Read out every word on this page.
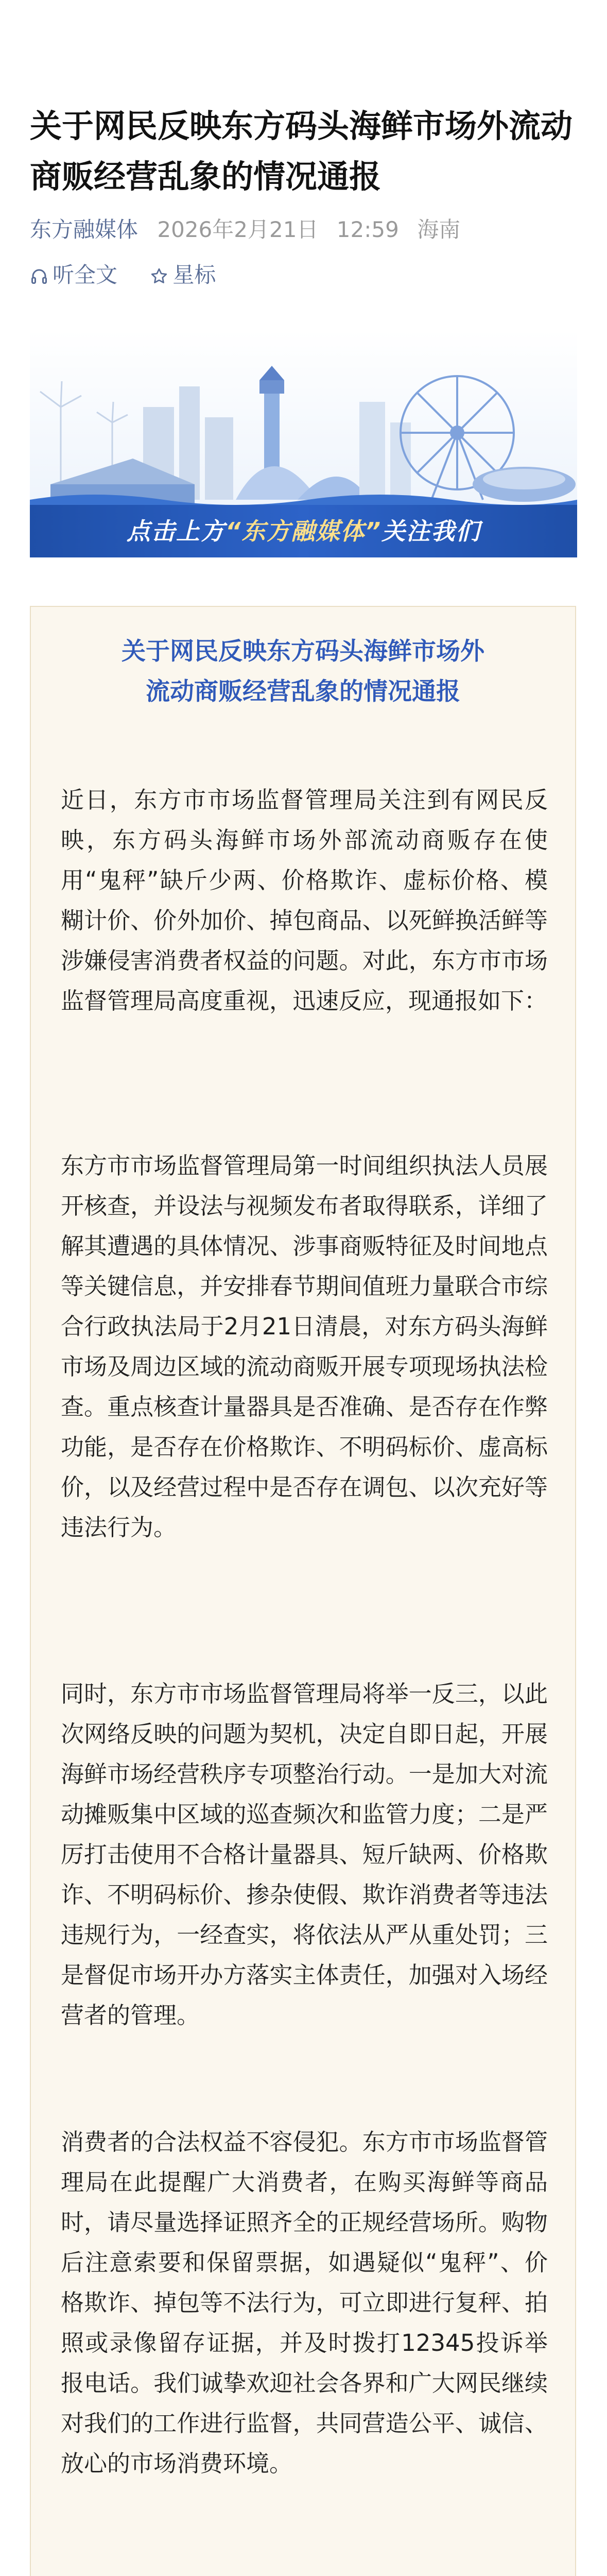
关于网民反映东方码头海鲜市场外流动商贩经营乱象的情况通报
东方融媒体 2026年2月21日 12:59 海南
听全文	星标
点击上方“东方融媒体”关注我们
关于网民反映东方码头海鲜市场外
流动商贩经营乱象的情况通报

近日，东方市市场监督管理局关注到有网民反映，东方码头海鲜市场外部流动商贩存在使用“鬼秤”缺斤少两、价格欺诈、虚标价格、模糊计价、价外加价、掉包商品、以死鲜换活鲜等涉嫌侵害消费者权益的问题。对此，东方市市场监督管理局高度重视，迅速反应，现通报如下：

东方市市场监督管理局第一时间组织执法人员展开核查，并设法与视频发布者取得联系，详细了解其遭遇的具体情况、涉事商贩特征及时间地点等关键信息，并安排春节期间值班力量联合市综合行政执法局于2月21日清晨，对东方码头海鲜市场及周边区域的流动商贩开展专项现场执法检查。重点核查计量器具是否准确、是否存在作弊功能，是否存在价格欺诈、不明码标价、虚高标价，以及经营过程中是否存在调包、以次充好等违法行为。

同时，东方市市场监督管理局将举一反三，以此次网络反映的问题为契机，决定自即日起，开展海鲜市场经营秩序专项整治行动。一是加大对流动摊贩集中区域的巡查频次和监管力度；二是严厉打击使用不合格计量器具、短斤缺两、价格欺诈、不明码标价、掺杂使假、欺诈消费者等违法违规行为，一经查实，将依法从严从重处罚；三是督促市场开办方落实主体责任，加强对入场经营者的管理。

消费者的合法权益不容侵犯。东方市市场监督管理局在此提醒广大消费者，在购买海鲜等商品时，请尽量选择证照齐全的正规经营场所。购物后注意索要和保留票据，如遇疑似“鬼秤”、价格欺诈、掉包等不法行为，可立即进行复秤、拍照或录像留存证据，并及时拨打12345投诉举报电话。我们诚挚欢迎社会各界和广大网民继续对我们的工作进行监督，共同营造公平、诚信、放心的市场消费环境。
